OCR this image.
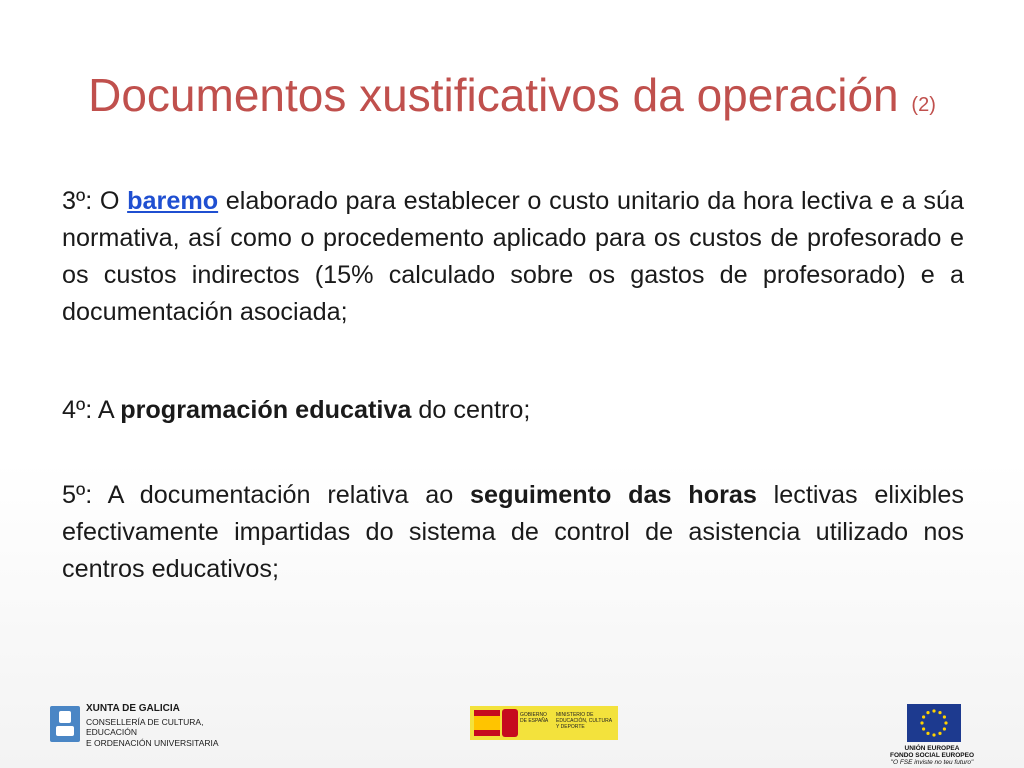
Documentos xustificativos da operación (2)

3º: O baremo elaborado para establecer o custo unitario da hora lectiva e a súa normativa, así como o procedemento aplicado para os custos de profesorado e os custos indirectos (15% calculado sobre os gastos de profesorado) e a documentación asociada;

4º: A programación educativa do centro;

5º: A documentación relativa ao seguimento das horas lectivas elixibles efectivamente impartidas do sistema de control de asistencia utilizado nos centros educativos;

XUNTA DE GALICIA
CONSELLERÍA DE CULTURA, EDUCACIÓN
E ORDENACIÓN UNIVERSITARIA
GOBIERNO DE ESPAÑA
MINISTERIO DE EDUCACIÓN, CULTURA Y DEPORTE
UNIÓN EUROPEA
FONDO SOCIAL EUROPEO
"O FSE inviste no teu futuro"
